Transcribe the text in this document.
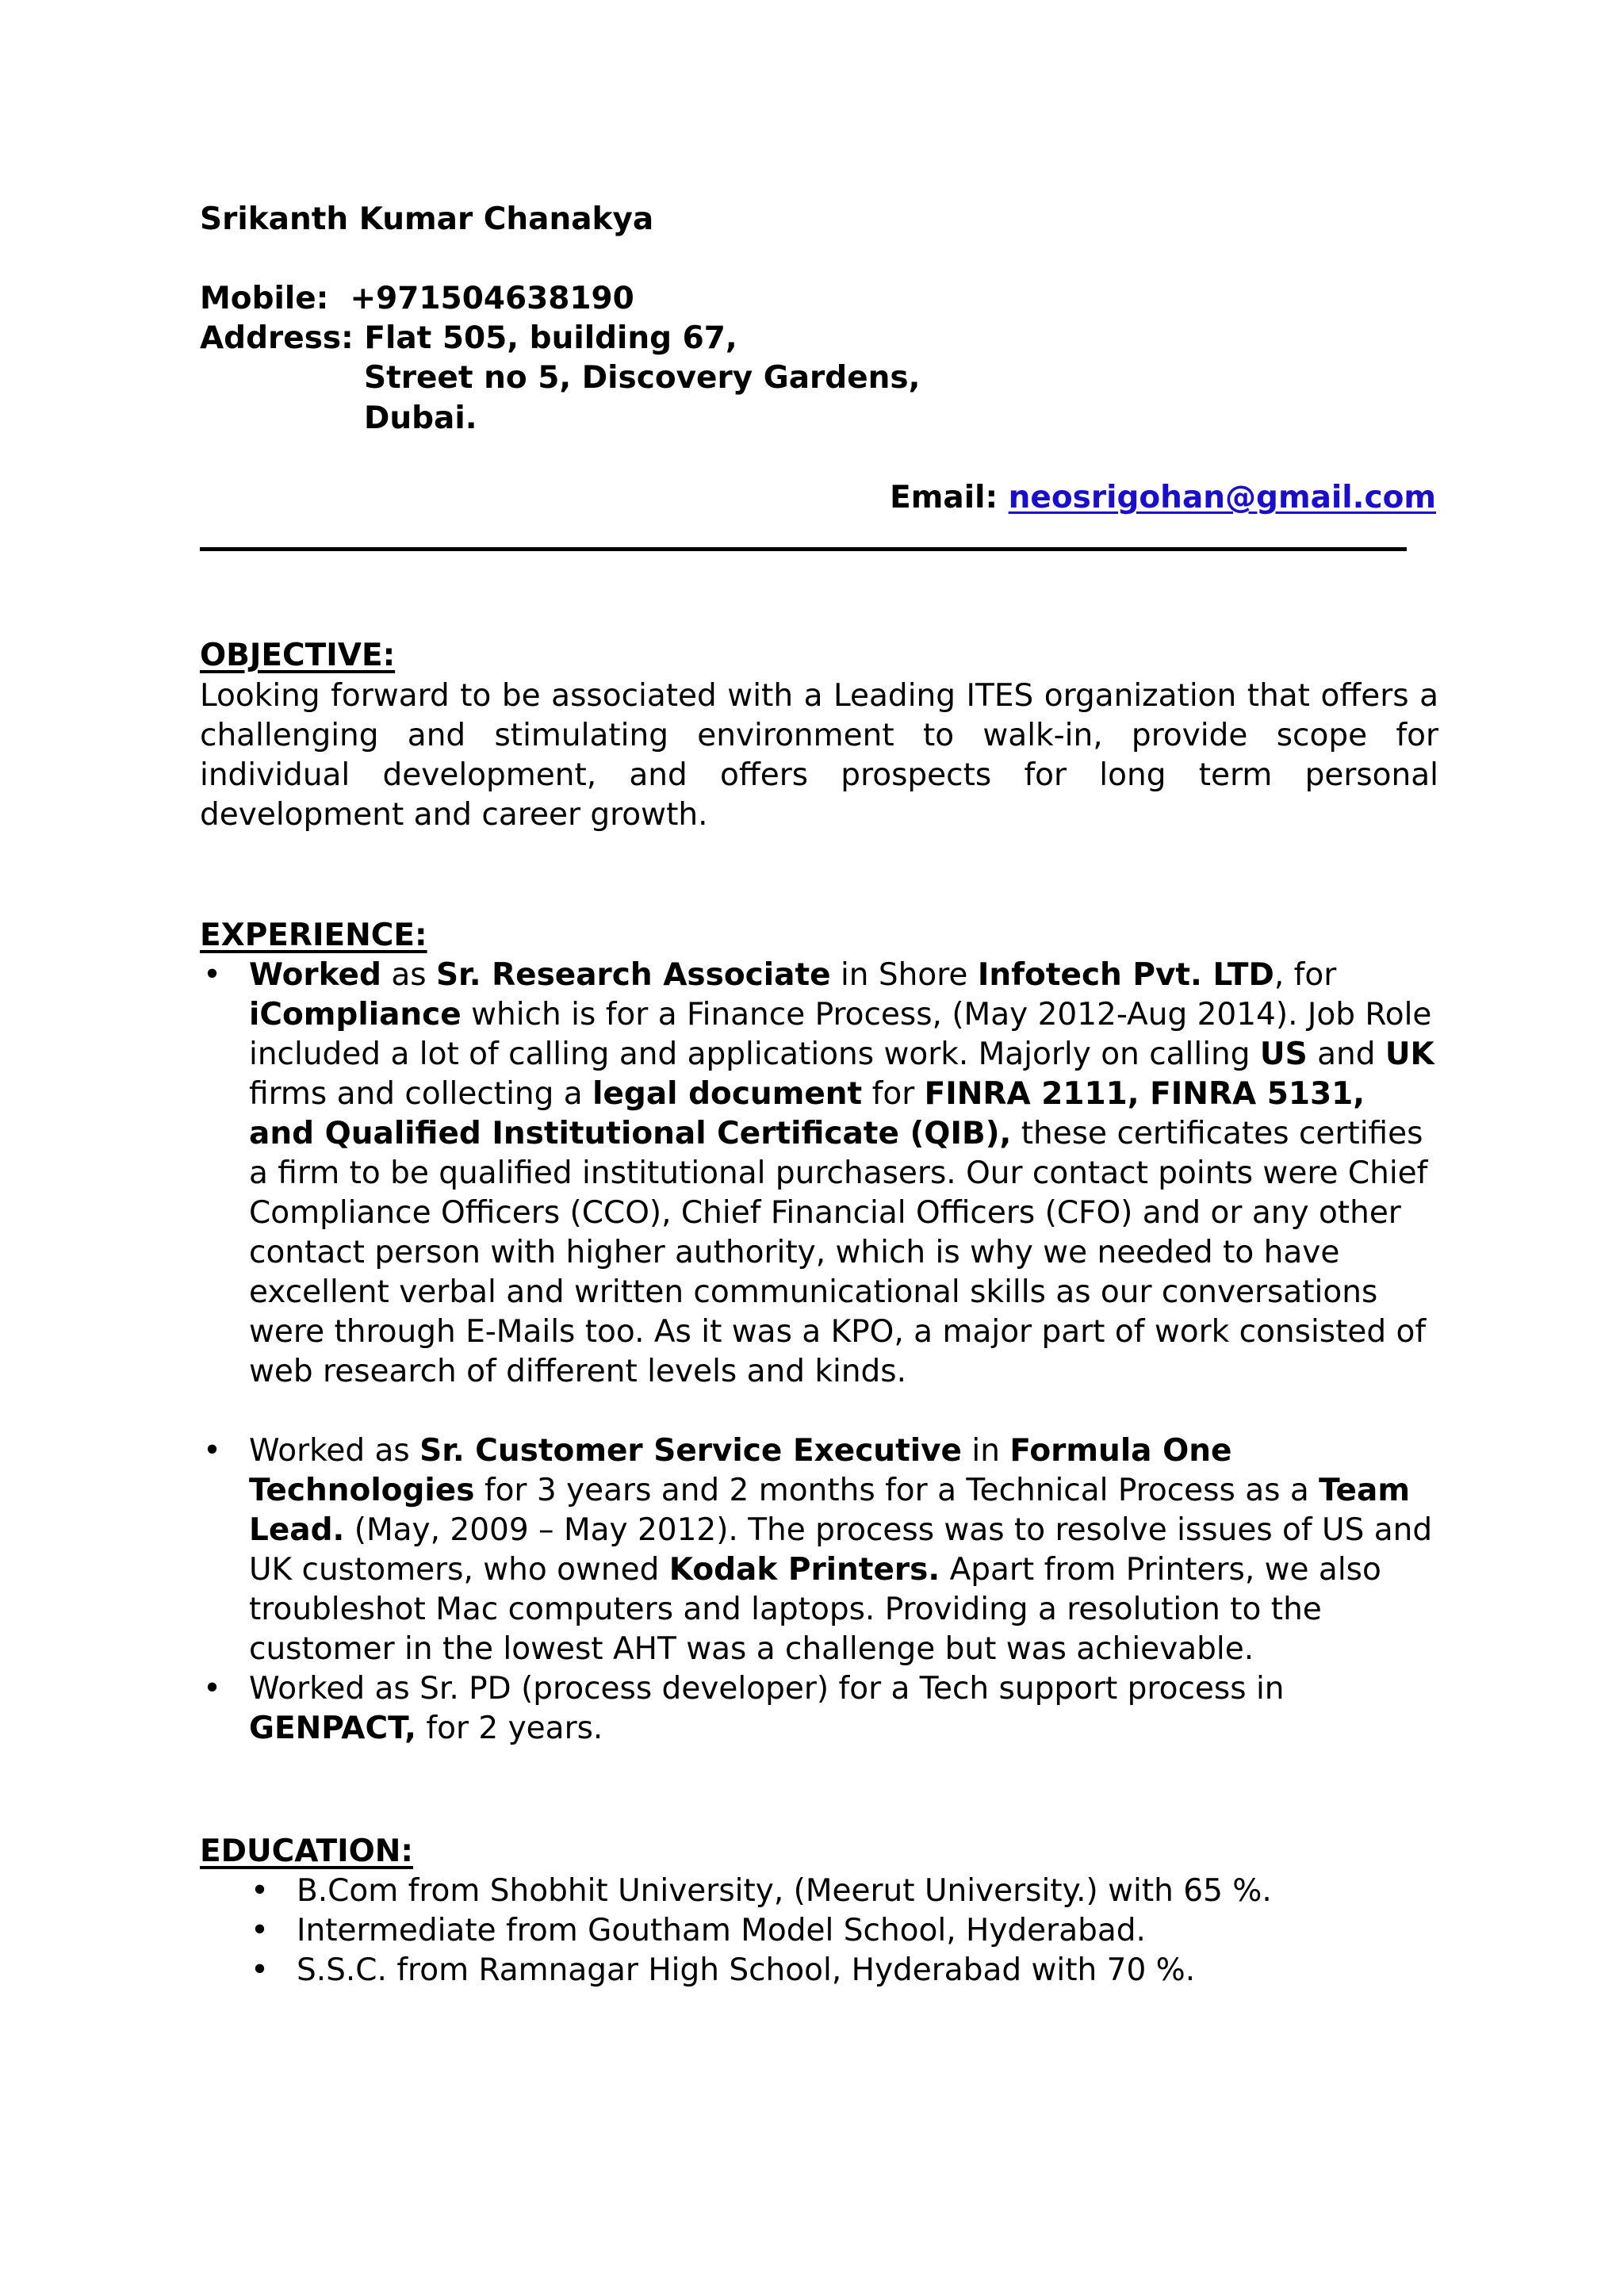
Srikanth Kumar Chanakya
Mobile: +971504638190
Address: Flat 505, building 67,
Street no 5, Discovery Gardens,
Dubai.
Email: neosrigohan@gmail.com
OBJECTIVE:
Looking forward to be associated with a Leading ITES organization that offers a challenging and stimulating environment to walk-in, provide scope for individual development, and offers prospects for long term personal development and career growth.
EXPERIENCE:
• Worked as Sr. Research Associate in Shore Infotech Pvt. LTD, for iCompliance which is for a Finance Process, (May 2012-Aug 2014). Job Role included a lot of calling and applications work. Majorly on calling US and UK firms and collecting a legal document for FINRA 2111, FINRA 5131, and Qualified Institutional Certificate (QIB), these certificates certifies a firm to be qualified institutional purchasers. Our contact points were Chief Compliance Officers (CCO), Chief Financial Officers (CFO) and or any other contact person with higher authority, which is why we needed to have excellent verbal and written communicational skills as our conversations were through E-Mails too. As it was a KPO, a major part of work consisted of web research of different levels and kinds.
• Worked as Sr. Customer Service Executive in Formula One Technologies for 3 years and 2 months for a Technical Process as a Team Lead. (May, 2009 – May 2012). The process was to resolve issues of US and UK customers, who owned Kodak Printers. Apart from Printers, we also troubleshot Mac computers and laptops. Providing a resolution to the customer in the lowest AHT was a challenge but was achievable.
• Worked as Sr. PD (process developer) for a Tech support process in GENPACT, for 2 years.
EDUCATION:
• B.Com from Shobhit University, (Meerut University.) with 65 %.
• Intermediate from Goutham Model School, Hyderabad.
• S.S.C. from Ramnagar High School, Hyderabad with 70 %.
